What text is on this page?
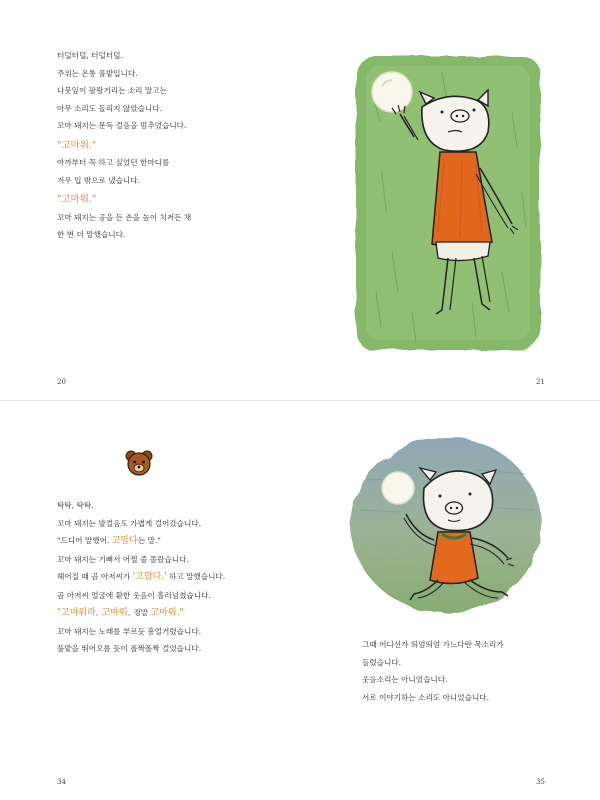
터덜터덜, 터덜터덜.
주위는 온통 풀밭입니다.
나뭇잎이 팔랑거리는 소리 말고는
아무 소리도 들리지 않았습니다.
꼬마 돼지는 문득 걸음을 멈추었습니다.
"고마워."
아까부터 꼭 하고 싶었던 한마디를
겨우 입 밖으로 냈습니다.
"고마워."
꼬마 돼지는 공을 든 손을 높이 치켜든 채
한 번 더 말했습니다.
20	21
탁탁, 탁탁.
꼬마 돼지는 발걸음도 가볍게 걸어갔습니다.
"드디어 말했어. 고맙다는 말."
꼬마 돼지는 기뻐서 어쩔 줄 몰랐습니다.
헤어질 때 곰 아저씨가 '고맙다.' 하고 말했습니다.
곰 아저씨 얼굴에 환한 웃음이 흘러넘쳤습니다.
"고마워라, 고마워, 정말 고마워."
꼬마 돼지는 노래를 부르듯 흥얼거렸습니다.
풀밭을 뛰어오를 듯이 폴짝폴짝 걸었습니다.	그때 어디선가 띄엄띄엄 가느다란 목소리가
들렸습니다.
웃음소리는 아니었습니다.
서로 이야기하는 소리도 아니었습니다.
34	35
